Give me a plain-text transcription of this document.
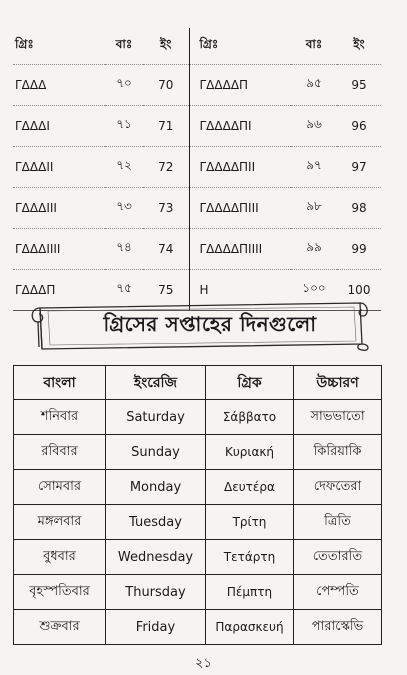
গ্রিঃ	বাঃ	ইং	গ্রিঃ	বাঃ	ইং
ΓΔΔΔ	৭০	70	ΓΔΔΔΔΠ	৯৫	95
ΓΔΔΔΙ	৭১	71	ΓΔΔΔΔΠΙ	৯৬	96
ΓΔΔΔΙΙ	৭২	72	ΓΔΔΔΔΠΙΙ	৯৭	97
ΓΔΔΔΙΙΙ	৭৩	73	ΓΔΔΔΔΠΙΙΙ	৯৮	98
ΓΔΔΔΙΙΙΙ	৭৪	74	ΓΔΔΔΔΠΙΙΙΙ	৯৯	99
ΓΔΔΔΠ	৭৫	75	Η	১০০	100
গ্রিসের সপ্তাহের দিনগুলো
বাংলা	ইংরেজি	গ্রিক	উচ্চারণ
শনিবার	Saturday	Σάββατο	সাভভাতো
রবিবার	Sunday	Κυριακή	কিরিয়াকি
সোমবার	Monday	Δευτέρα	দেফতেরা
মঙ্গলবার	Tuesday	Τρίτη	ত্রিতি
বুধবার	Wednesday	Τετάρτη	তেতারতি
বৃহস্পতিবার	Thursday	Πέμπτη	পেম্পতি
শুক্রবার	Friday	Παρασκευή	পারাস্কেভি
২১
